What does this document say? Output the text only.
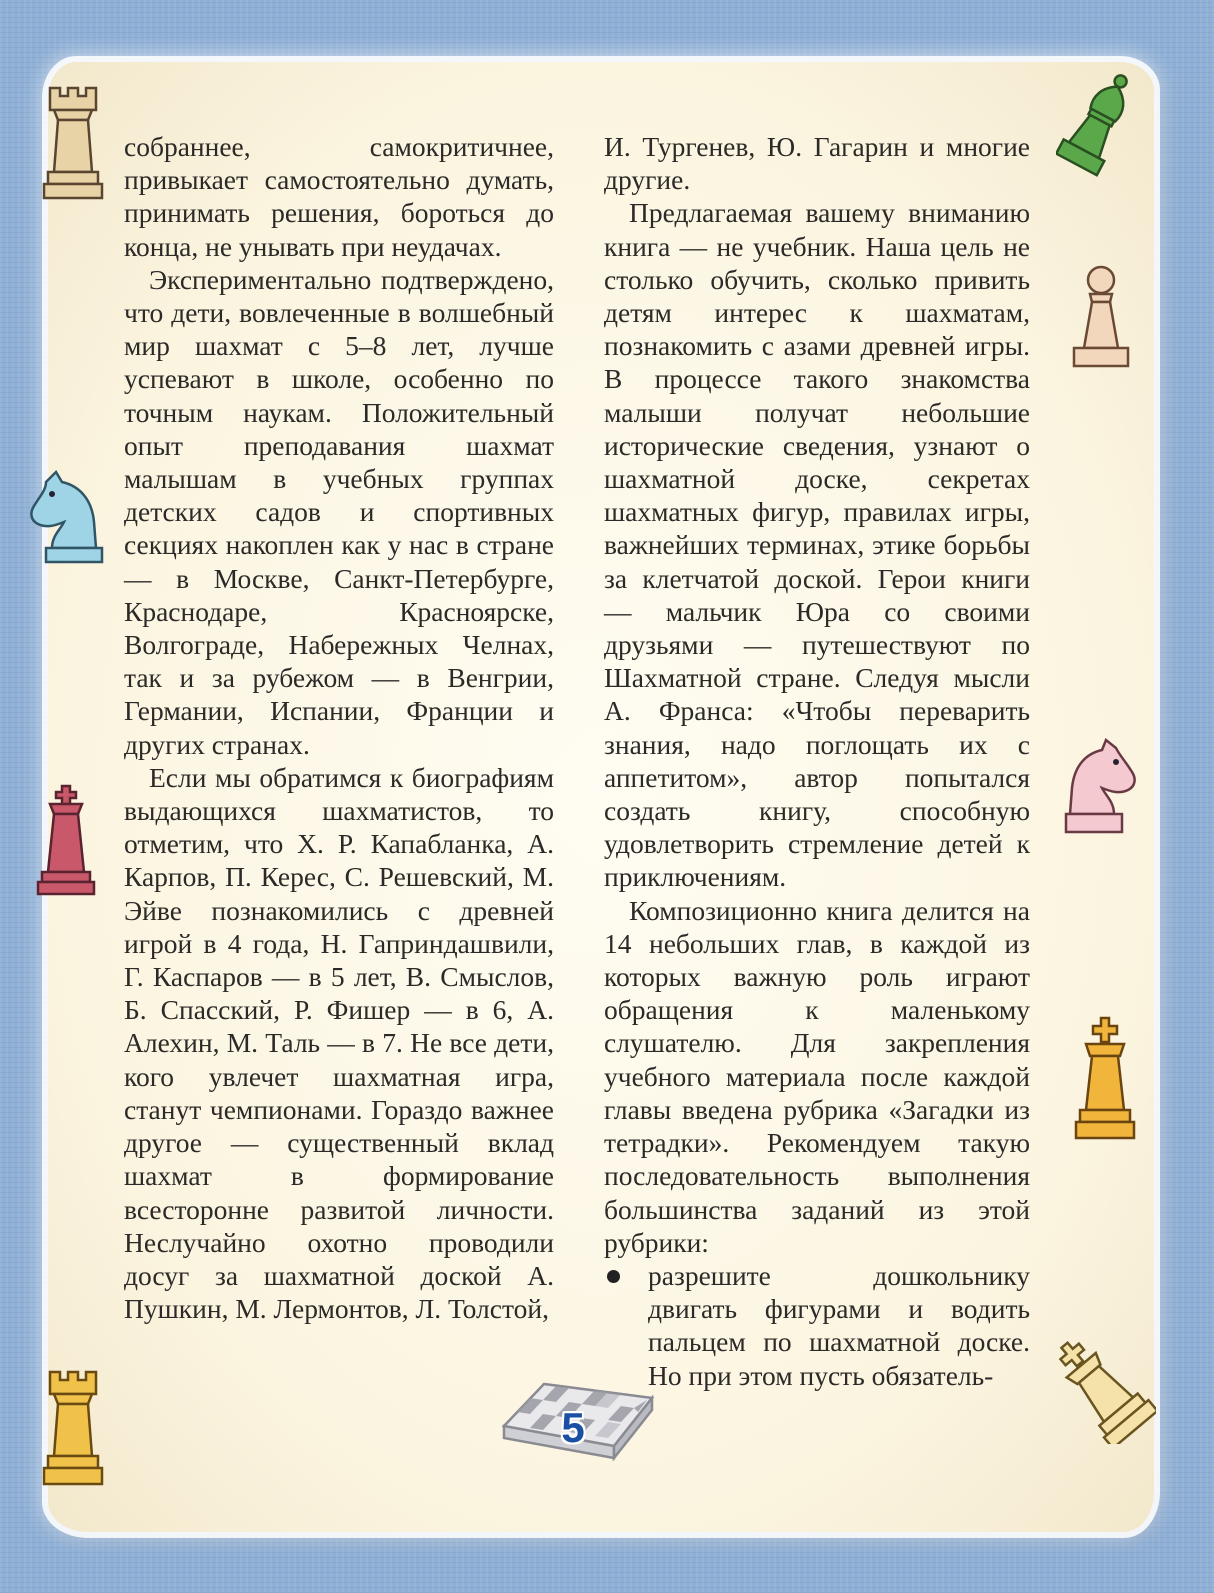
собраннее, самокритичнее, привыкает самостоятельно думать, принимать решения, бороться до конца, не унывать при неудачах.

Экспериментально подтверждено, что дети, вовлеченные в волшебный мир шахмат с 5–8 лет, лучше успевают в школе, особенно по точным наукам. Положительный опыт преподавания шахмат малышам в учебных группах детских садов и спортивных секциях накоплен как у нас в стране — в Москве, Санкт-Петербурге, Краснодаре, Красноярске, Волгограде, Набережных Челнах, так и за рубежом — в Венгрии, Германии, Испании, Франции и других странах.

Если мы обратимся к биографиям выдающихся шахматистов, то отметим, что Х. Р. Капабланка, А. Карпов, П. Керес, С. Решевский, М. Эйве познакомились с древней игрой в 4 года, Н. Гаприндашвили, Г. Каспаров — в 5 лет, В. Смыслов, Б. Спасский, Р. Фишер — в 6, А. Алехин, М. Таль — в 7. Не все дети, кого увлечет шахматная игра, станут чемпионами. Гораздо важнее другое — существенный вклад шахмат в формирование всесторонне развитой личности. Неслучайно охотно проводили досуг за шахматной доской А. Пушкин, М. Лермонтов, Л. Толстой,

И. Тургенев, Ю. Гагарин и многие другие.

Предлагаемая вашему вниманию книга — не учебник. Наша цель не столько обучить, сколько привить детям интерес к шахматам, познакомить с азами древней игры. В процессе такого знакомства малыши получат небольшие исторические сведения, узнают о шахматной доске, секретах шахматных фигур, правилах игры, важнейших терминах, этике борьбы за клетчатой доской. Герои книги — мальчик Юра со своими друзьями — путешествуют по Шахматной стране. Следуя мысли А. Франса: «Чтобы переварить знания, надо поглощать их с аппетитом», автор попытался создать книгу, способную удовлетворить стремление детей к приключениям.

Композиционно книга делится на 14 небольших глав, в каждой из которых важную роль играют обращения к маленькому слушателю. Для закрепления учебного материала после каждой главы введена рубрика «Загадки из тетрадки». Рекомендуем такую последовательность выполнения большинства заданий из этой рубрики:

разрешите дошкольнику двигать фигурами и водить пальцем по шахматной доске. Но при этом пусть обязатель-

5
